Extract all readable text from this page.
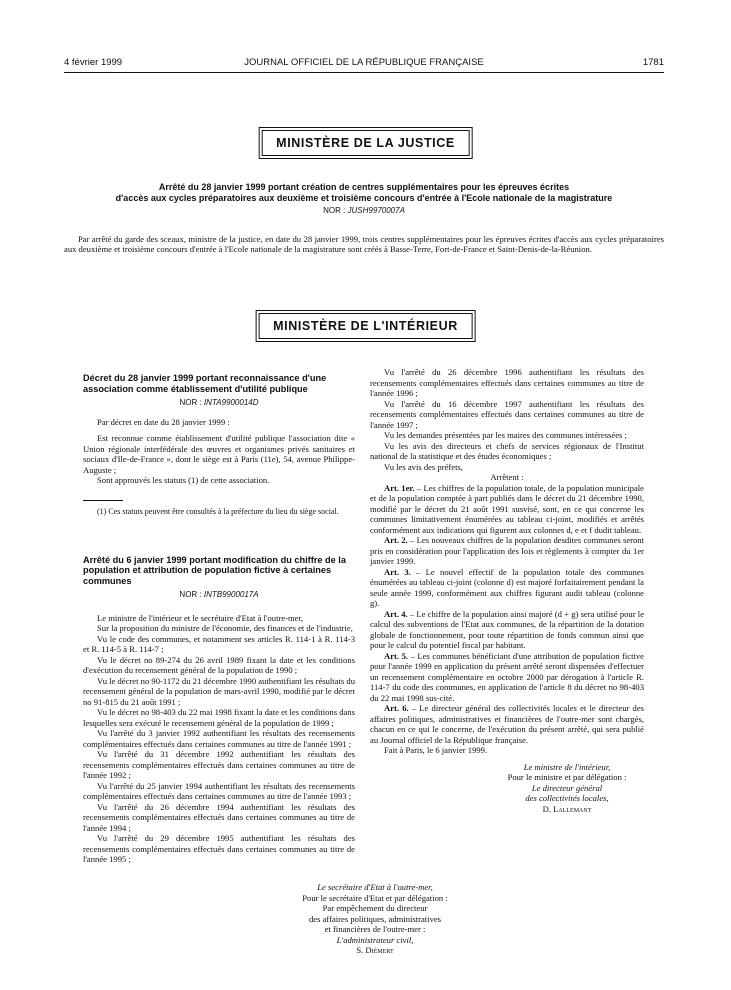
4 février 1999	JOURNAL OFFICIEL DE LA RÉPUBLIQUE FRANÇAISE	1781
MINISTÈRE DE LA JUSTICE
Arrêté du 28 janvier 1999 portant création de centres supplémentaires pour les épreuves écrites
d'accès aux cycles préparatoires aux deuxième et troisième concours d'entrée à l'Ecole nationale de la magistrature
NOR : JUSH9970007A
Par arrêté du garde des sceaux, ministre de la justice, en date du 28 janvier 1999, trois centres supplémentaires pour les épreuves écrites d'accès aux cycles préparatoires aux deuxième et troisième concours d'entrée à l'Ecole nationale de la magistrature sont créés à Basse-Terre, Fort-de-France et Saint-Denis-de-la-Réunion.
MINISTÈRE DE L'INTÉRIEUR

Décret du 28 janvier 1999 portant reconnaissance d'une association comme établissement d'utilité publique

NOR : INTA9900014D

Par décret en date du 28 janvier 1999 :

Est reconnue comme établissement d'utilité publique l'association dite « Union régionale interfédérale des œuvres et organismes privés sanitaires et sociaux d'Ile-de-France », dont le siège est à Paris (11e), 54, avenue Philippe-Auguste ;

Sont approuvés les statuts (1) de cette association.

(1) Ces statuts peuvent être consultés à la préfecture du lieu du siège social.

Arrêté du 6 janvier 1999 portant modification du chiffre de la population et attribution de population fictive à certaines communes

NOR : INTB9900017A

Le ministre de l'intérieur et le secrétaire d'Etat à l'outre-mer,

Sur la proposition du ministre de l'économie, des finances et de l'industrie,

Vu le code des communes, et notamment ses articles R. 114-1 à R. 114-3 et R. 114-5 à R. 114-7 ;

Vu le décret no 89-274 du 26 avril 1989 fixant la date et les conditions d'exécution du recensement général de la population de 1990 ;

Vu le décret no 90-1172 du 21 décembre 1990 authentifiant les résultats du recensement général de la population de mars-avril 1990, modifié par le décret no 91-815 du 21 août 1991 ;

Vu le décret no 98-403 du 22 mai 1998 fixant la date et les conditions dans lesquelles sera exécuté le recensement général de la population de 1999 ;

Vu l'arrêté du 3 janvier 1992 authentifiant les résultats des recensements complémentaires effectués dans certaines communes au titre de l'année 1991 ;

Vu l'arrêté du 31 décembre 1992 authentifiant les résultats des recensements complémentaires effectués dans certaines communes au titre de l'année 1992 ;

Vu l'arrêté du 25 janvier 1994 authentifiant les résultats des recensements complémentaires effectués dans certaines communes au titre de l'année 1993 ;

Vu l'arrêté du 26 décembre 1994 authentifiant les résultats des recensements complémentaires effectués dans certaines communes au titre de l'année 1994 ;

Vu l'arrêté du 29 décembre 1995 authentifiant les résultats des recensements complémentaires effectués dans certaines communes au titre de l'année 1995 ;

Vu l'arrêté du 26 décembre 1996 authentifiant les résultats des recensements complémentaires effectués dans certaines communes au titre de l'année 1996 ;

Vu l'arrêté du 16 décembre 1997 authentifiant les résultats des recensements complémentaires effectués dans certaines communes au titre de l'année 1997 ;

Vu les demandes présentées par les maires des communes intéressées ;

Vu les avis des directeurs et chefs de services régionaux de l'Institut national de la statistique et des études économiques ;

Vu les avis des préfets,

Arrêtent :

Art. 1er. – Les chiffres de la population totale, de la population municipale et de la population comptée à part publiés dans le décret du 21 décembre 1990, modifié par le décret du 21 août 1991 susvisé, sont, en ce qui concerne les communes limitativement énumérées au tableau ci-joint, modifiés et arrêtés conformément aux indications qui figurent aux colonnes d, e et f dudit tableau.

Art. 2. – Les nouveaux chiffres de la population desdites communes seront pris en considération pour l'application des lois et règlements à compter du 1er janvier 1999.

Art. 3. – Le nouvel effectif de la population totale des communes énumérées au tableau ci-joint (colonne d) est majoré forfaitairement pendant la seule année 1999, conformément aux chiffres figurant audit tableau (colonne g).

Art. 4. – Le chiffre de la population ainsi majoré (d + g) sera utilisé pour le calcul des subventions de l'Etat aux communes, de la répartition de la dotation globale de fonctionnement, pour toute répartition de fonds commun ainsi que pour le calcul du potentiel fiscal par habitant.

Art. 5. – Les communes bénéficiant d'une attribution de population fictive pour l'année 1999 en application du présent arrêté seront dispensées d'effectuer un recensement complémentaire en octobre 2000 par dérogation à l'article R. 114-7 du code des communes, en application de l'article 8 du décret no 98-403 du 22 mai 1998 sus-cité.

Art. 6. – Le directeur général des collectivités locales et le directeur des affaires politiques, administratives et financières de l'outre-mer sont chargés, chacun en ce qui le concerne, de l'exécution du présent arrêté, qui sera publié au Journal officiel de la République française.

Fait à Paris, le 6 janvier 1999.

Le ministre de l'intérieur,

Pour le ministre et par délégation :

Le directeur général

des collectivités locales,

D. Lallemant

Le secrétaire d'Etat à l'outre-mer,

Pour le secrétaire d'Etat et par délégation :

Par empêchement du directeur

des affaires politiques, administratives

et financières de l'outre-mer :

L'administrateur civil,

S. Diémert
